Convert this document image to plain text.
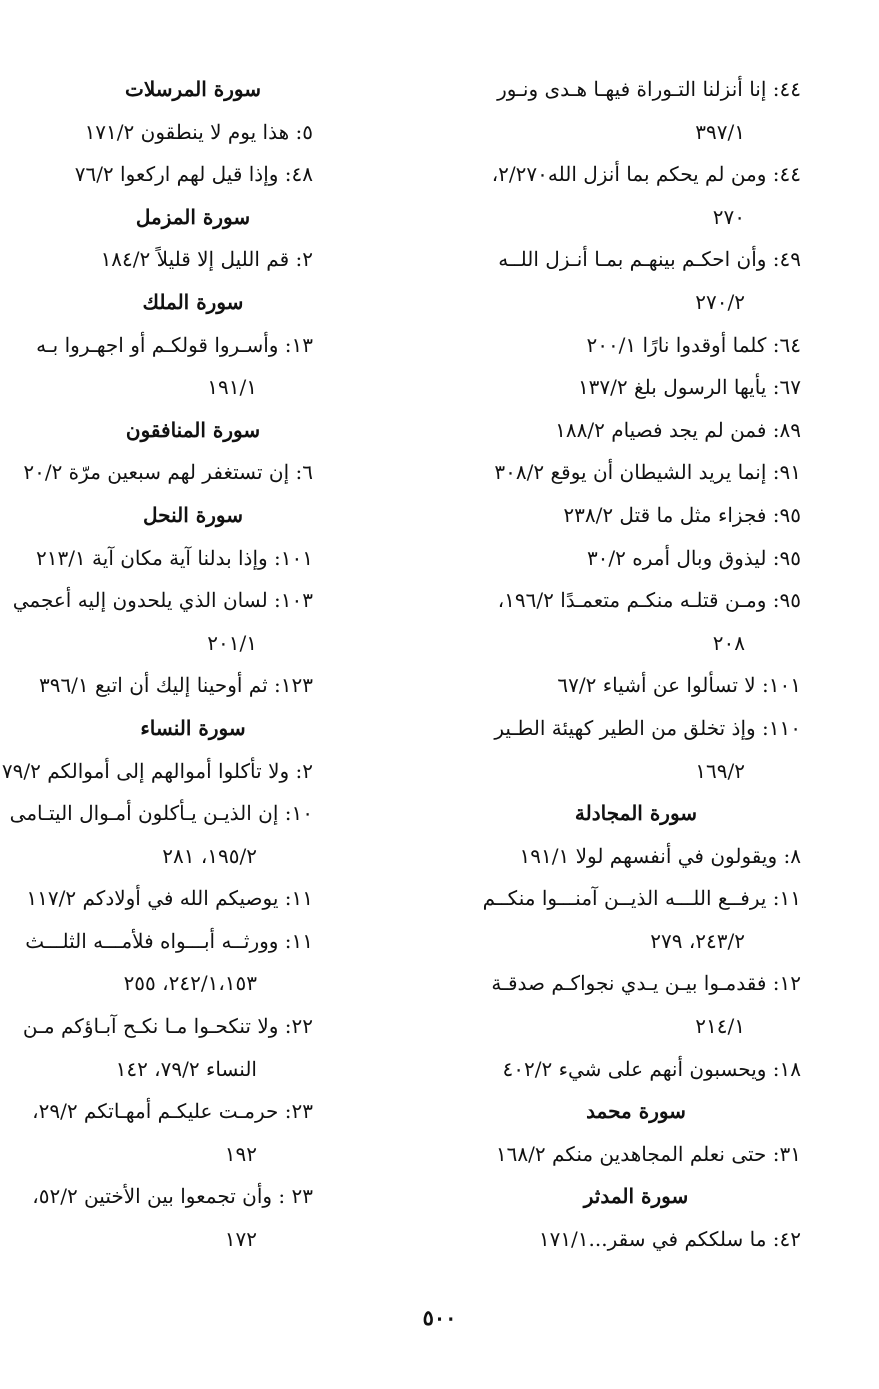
٤٤: إنا أنزلنا التـوراة فيهـا هـدى ونـور
٣٩٧/١
٤٤: ومن لم يحكم بما أنزل الله٢/٢٧٠،
٢٧٠
٤٩: وأن احكـم بينهـم بمـا أنـزل اللــه
٢٧٠/٢
٦٤: كلما أوقدوا نارًا ٢٠٠/١
٦٧: يأيها الرسول بلغ ١٣٧/٢
٨٩: فمن لم يجد فصيام ١٨٨/٢
٩١: إنما يريد الشيطان أن يوقع ٣٠٨/٢
٩٥: فجزاء مثل ما قتل ٢٣٨/٢
٩٥: ليذوق وبال أمره ٣٠/٢
٩٥: ومـن قتلـه منكـم متعمـدًا ١٩٦/٢،
٢٠٨
١٠١: لا تسألوا عن أشياء ٦٧/٢
١١٠: وإذ تخلق من الطير كهيئة الطـير
١٦٩/٢
سورة المجادلة
٨: ويقولون في أنفسهم لولا ١٩١/١
١١: يرفــع اللـــه الذيــن آمنـــوا منكــم
٢٤٣/٢، ٢٧٩
١٢: فقدمـوا بيـن يـدي نجواكـم صدقـة
٢١٤/١
١٨: ويحسبون أنهم على شيء ٤٠٢/٢
سورة محمد
٣١: حتى نعلم المجاهدين منكم ١٦٨/٢
سورة المدثر
٤٢: ما سلككم في سقر...١٧١/١
سورة المرسلات
٥: هذا يوم لا ينطقون ١٧١/٢
٤٨: وإذا قيل لهم اركعوا ٧٦/٢
سورة المزمل
٢: قم الليل إلا قليلاً ١٨٤/٢
سورة الملك
١٣: وأسـروا قولكـم أو اجهـروا بـه
١٩١/١
سورة المنافقون
٦: إن تستغفر لهم سبعين مرّة ٢٠/٢
سورة النحل
١٠١: وإذا بدلنا آية مكان آية ٢١٣/١
١٠٣: لسان الذي يلحدون إليه أعجمي
٢٠١/١
١٢٣: ثم أوحينا إليك أن اتبع ٣٩٦/١
سورة النساء
٢: ولا تأكلوا أموالهم إلى أموالكم ٧٩/٢
١٠: إن الذيـن يـأكلون أمـوال اليتـامى
١٩٥/٢، ٢٨١
١١: يوصيكم الله في أولادكم ١١٧/٢
١١: وورثــه أبـــواه فلأمـــه الثلـــث
٢٤٢/١،١٥٣، ٢٥٥
٢٢: ولا تنكحـوا مـا نكـح آبـاؤكم مـن
النساء ٧٩/٢، ١٤٢
٢٣: حرمـت عليكـم أمهـاتكم ٢٩/٢،
١٩٢
٢٣ : وأن تجمعوا بين الأختين ٥٢/٢،
١٧٢
٥٠٠
